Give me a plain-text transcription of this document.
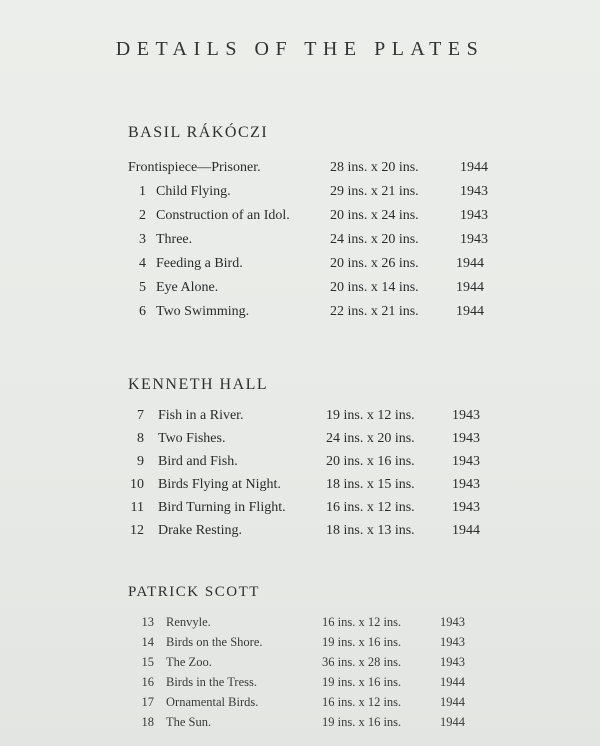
DETAILS OF THE PLATES
BASIL RÁKÓCZI
Frontispiece—Prisoner.	28 ins. x 20 ins.	1944
1 Child Flying.	29 ins. x 21 ins.	1943
2 Construction of an Idol.	20 ins. x 24 ins.	1943
3 Three.	24 ins. x 20 ins.	1943
4 Feeding a Bird.	20 ins. x 26 ins.	1944
5 Eye Alone.	20 ins. x 14 ins.	1944
6 Two Swimming.	22 ins. x 21 ins.	1944
KENNETH HALL
7 Fish in a River.	19 ins. x 12 ins.	1943
8 Two Fishes.	24 ins. x 20 ins.	1943
9 Bird and Fish.	20 ins. x 16 ins.	1943
10 Birds Flying at Night.	18 ins. x 15 ins.	1943
11 Bird Turning in Flight.	16 ins. x 12 ins.	1943
12 Drake Resting.	18 ins. x 13 ins.	1944
PATRICK SCOTT
13 Renvyle.	16 ins. x 12 ins.	1943
14 Birds on the Shore.	19 ins. x 16 ins.	1943
15 The Zoo.	36 ins. x 28 ins.	1943
16 Birds in the Tress.	19 ins. x 16 ins.	1944
17 Ornamental Birds.	16 ins. x 12 ins.	1944
18 The Sun.	19 ins. x 16 ins.	1944
